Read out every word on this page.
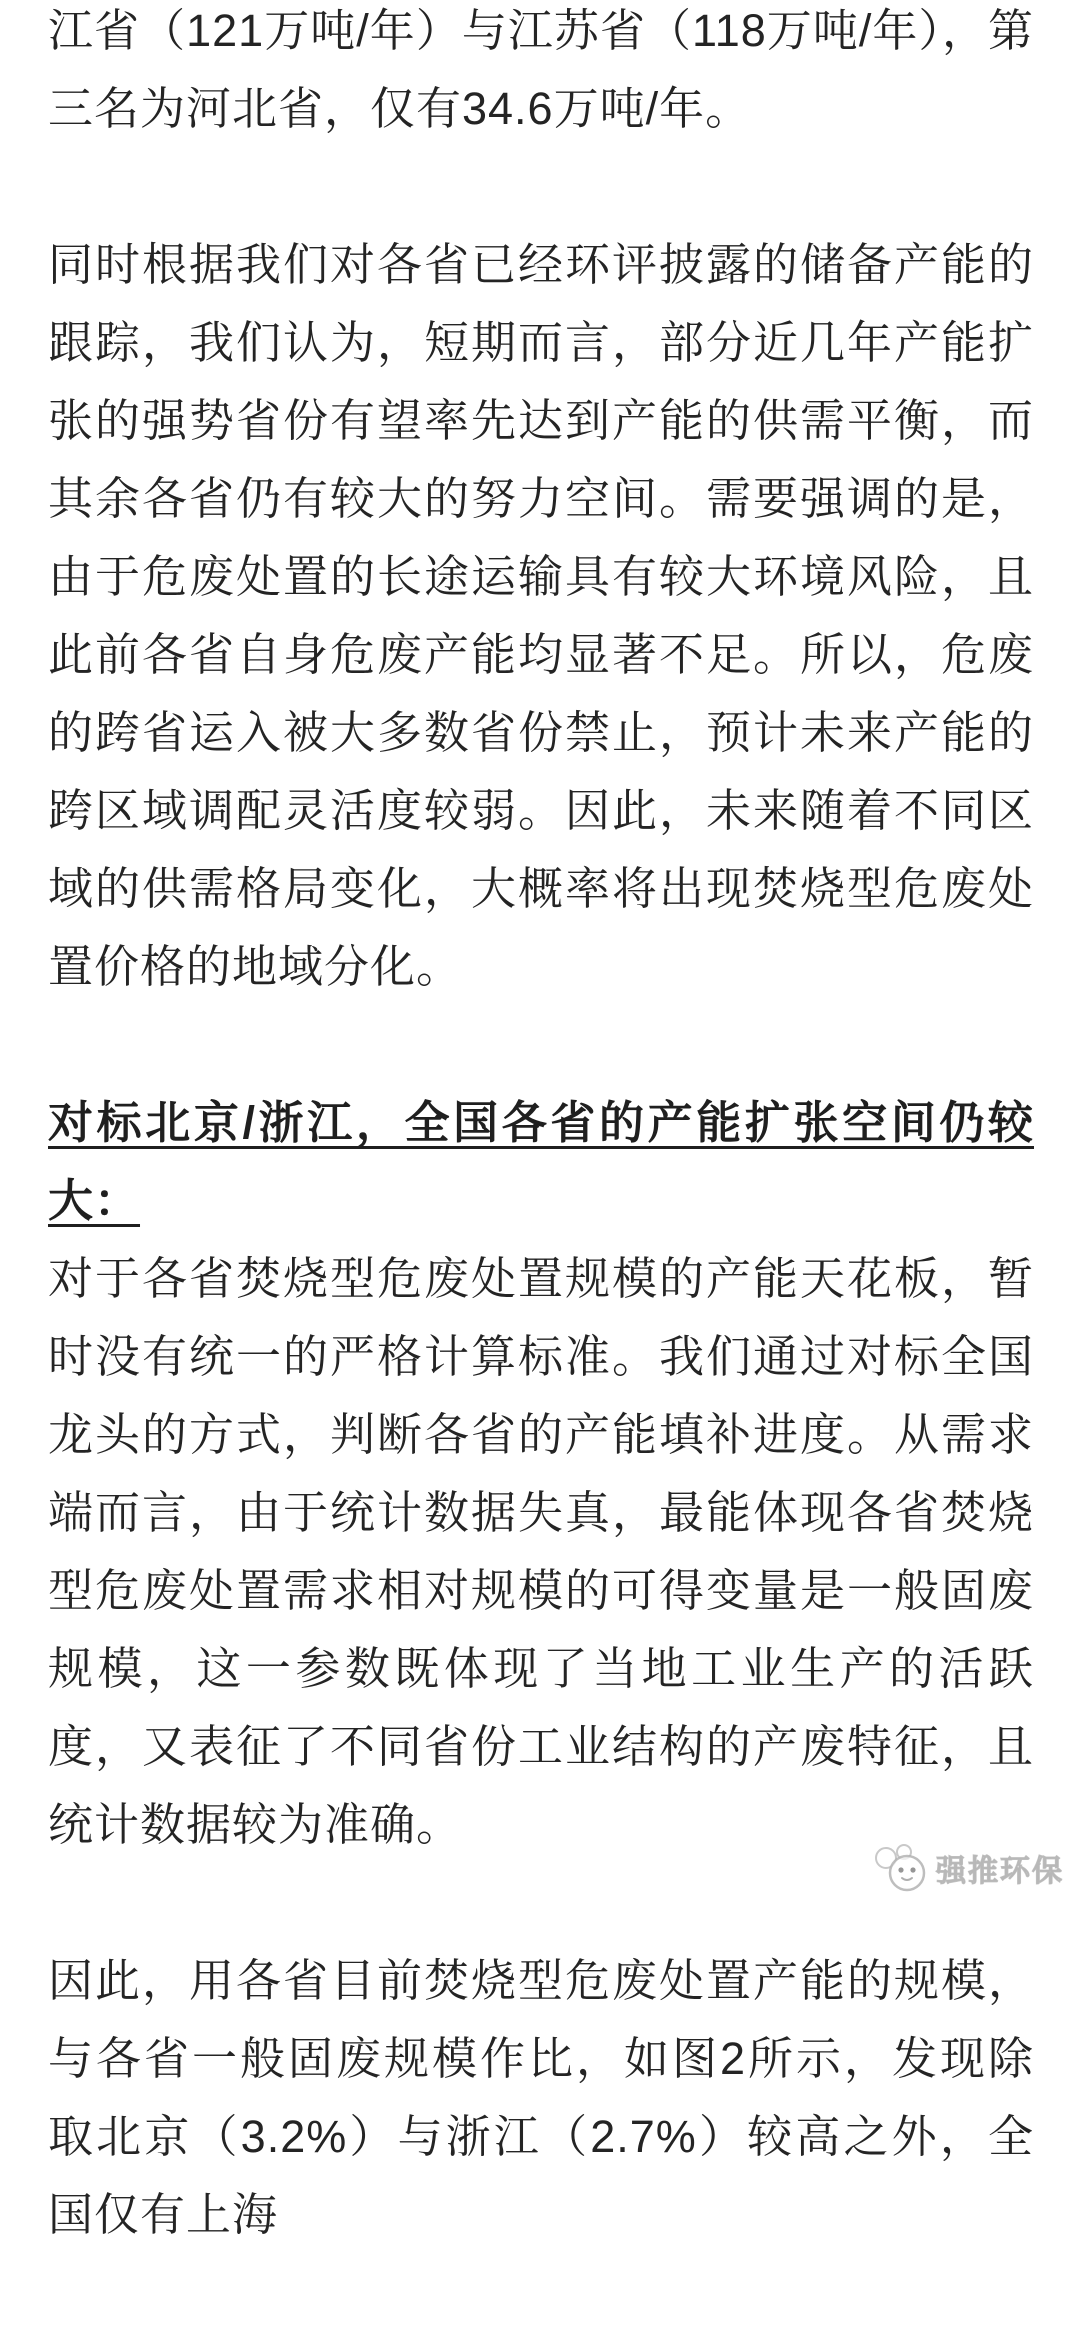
江省（121万吨/年）与江苏省（118万吨/年），第三名为河北省，仅有34.6万吨/年。

同时根据我们对各省已经环评披露的储备产能的跟踪，我们认为，短期而言，部分近几年产能扩张的强势省份有望率先达到产能的供需平衡，而其余各省仍有较大的努力空间。需要强调的是，由于危废处置的长途运输具有较大环境风险，且此前各省自身危废产能均显著不足。所以，危废的跨省运入被大多数省份禁止，预计未来产能的跨区域调配灵活度较弱。因此，未来随着不同区域的供需格局变化，大概率将出现焚烧型危废处置价格的地域分化。

对标北京/浙江，全国各省的产能扩张空间仍较大：
对于各省焚烧型危废处置规模的产能天花板，暂时没有统一的严格计算标准。我们通过对标全国龙头的方式，判断各省的产能填补进度。从需求端而言，由于统计数据失真，最能体现各省焚烧型危废处置需求相对规模的可得变量是一般固废规模，这一参数既体现了当地工业生产的活跃度，又表征了不同省份工业结构的产废特征，且统计数据较为准确。

因此，用各省目前焚烧型危废处置产能的规模，与各省一般固废规模作比，如图2所示，发现除取北京（3.2%）与浙江（2.7%）较高之外，全国仅有上海

强推环保
